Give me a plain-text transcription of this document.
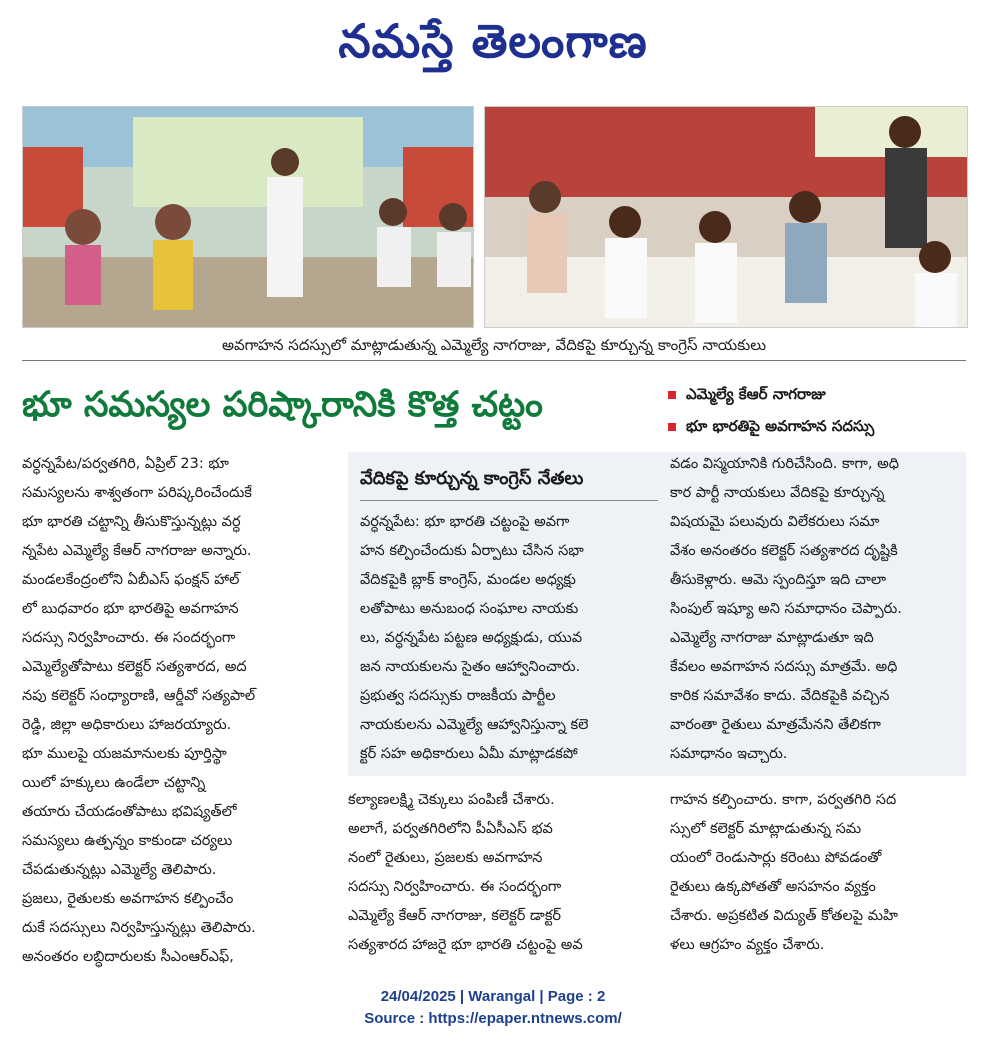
నమస్తే తెలంగాణ
అవగాహన సదస్సులో మాట్లాడుతున్న ఎమ్మెల్యే నాగరాజు, వేదికపై కూర్చున్న కాంగ్రెస్ నాయకులు
భూ సమస్యల పరిష్కారానికి కొత్త చట్టం	ఎమ్మెల్యే కేఆర్ నాగరాజు
భూ భారతిపై అవగాహన సదస్సు

వర్ధన్నపేట/పర్వతగిరి, ఏప్రిల్ 23: భూ

సమస్యలను శాశ్వతంగా పరిష్కరించేందుకే

భూ భారతి చట్టాన్ని తీసుకొస్తున్నట్లు వర్ధ

న్నపేట ఎమ్మెల్యే కేఆర్ నాగరాజు అన్నారు.

మండలకేంద్రంలోని ఏబీఎస్ ఫంక్షన్ హాల్

లో బుధవారం భూ భారతిపై అవగాహన

సదస్సు నిర్వహించారు. ఈ సందర్భంగా

ఎమ్మెల్యేతోపాటు కలెక్టర్ సత్యశారద, అద

నపు కలెక్టర్ సంధ్యారాణి, ఆర్డీవో సత్యపాల్

రెడ్డి, జిల్లా అధికారులు హాజరయ్యారు.

భూ ములపై యజమానులకు పూర్తిస్థా

యిలో హక్కులు ఉండేలా చట్టాన్ని

తయారు చేయడంతోపాటు భవిష్యత్‌లో

సమస్యలు ఉత్పన్నం కాకుండా చర్యలు

చేపడుతున్నట్లు ఎమ్మెల్యే తెలిపారు.

ప్రజలు, రైతులకు అవగాహన కల్పించేం

దుకే సదస్సులు నిర్వహిస్తున్నట్లు తెలిపారు.

అనంతరం లబ్ధిదారులకు సీఎంఆర్ఎఫ్,

వేదికపై కూర్చున్న కాంగ్రెస్ నేతలు

వర్ధన్నపేట: భూ భారతి చట్టంపై అవగా

హన కల్పించేందుకు ఏర్పాటు చేసిన సభా

వేదికపైకి బ్లాక్ కాంగ్రెస్, మండల అధ్యక్షు

లతోపాటు అనుబంధ సంఘాల నాయకు

లు, వర్ధన్నపేట పట్టణ అధ్యక్షుడు, యువ

జన నాయకులను సైతం ఆహ్వానించారు.

ప్రభుత్వ సదస్సుకు రాజకీయ పార్టీల

నాయకులను ఎమ్మెల్యే ఆహ్వానిస్తున్నా కలె

క్టర్ సహ అధికారులు ఏమీ మాట్లాడకపో

వడం విస్మయానికి గురిచేసింది. కాగా, అధి

కార పార్టీ నాయకులు వేదికపై కూర్చున్న

విషయమై పలువురు విలేకరులు సమా

వేశం అనంతరం కలెక్టర్ సత్యశారద దృష్టికి

తీసుకెళ్లారు. ఆమె స్పందిస్తూ ఇది చాలా

సింపుల్ ఇష్యూ అని సమాధానం చెప్పారు.

ఎమ్మెల్యే నాగరాజు మాట్లాడుతూ ఇది

కేవలం అవగాహన సదస్సు మాత్రమే. అధి

కారిక సమావేశం కాదు. వేదికపైకి వచ్చిన

వారంతా రైతులు మాత్రమేనని తేలికగా

సమాధానం ఇచ్చారు.

కల్యాణలక్ష్మి చెక్కులు పంపిణీ చేశారు.

అలాగే, పర్వతగిరిలోని పీఏసీఎస్ భవ

నంలో రైతులు, ప్రజలకు అవగాహన

సదస్సు నిర్వహించారు. ఈ సందర్భంగా

ఎమ్మెల్యే కేఆర్ నాగరాజు, కలెక్టర్ డాక్టర్

సత్యశారద హాజరై భూ భారతి చట్టంపై అవ

గాహన కల్పించారు. కాగా, పర్వతగిరి సద

స్సులో కలెక్టర్ మాట్లాడుతున్న సమ

యంలో రెండుసార్లు కరెంటు పోవడంతో

రైతులు ఉక్కపోతతో అసహనం వ్యక్తం

చేశారు. అప్రకటిత విద్యుత్ కోతలపై మహి

ళలు ఆగ్రహం వ్యక్తం చేశారు.

24/04/2025 | Warangal | Page : 2
Source : https://epaper.ntnews.com/
